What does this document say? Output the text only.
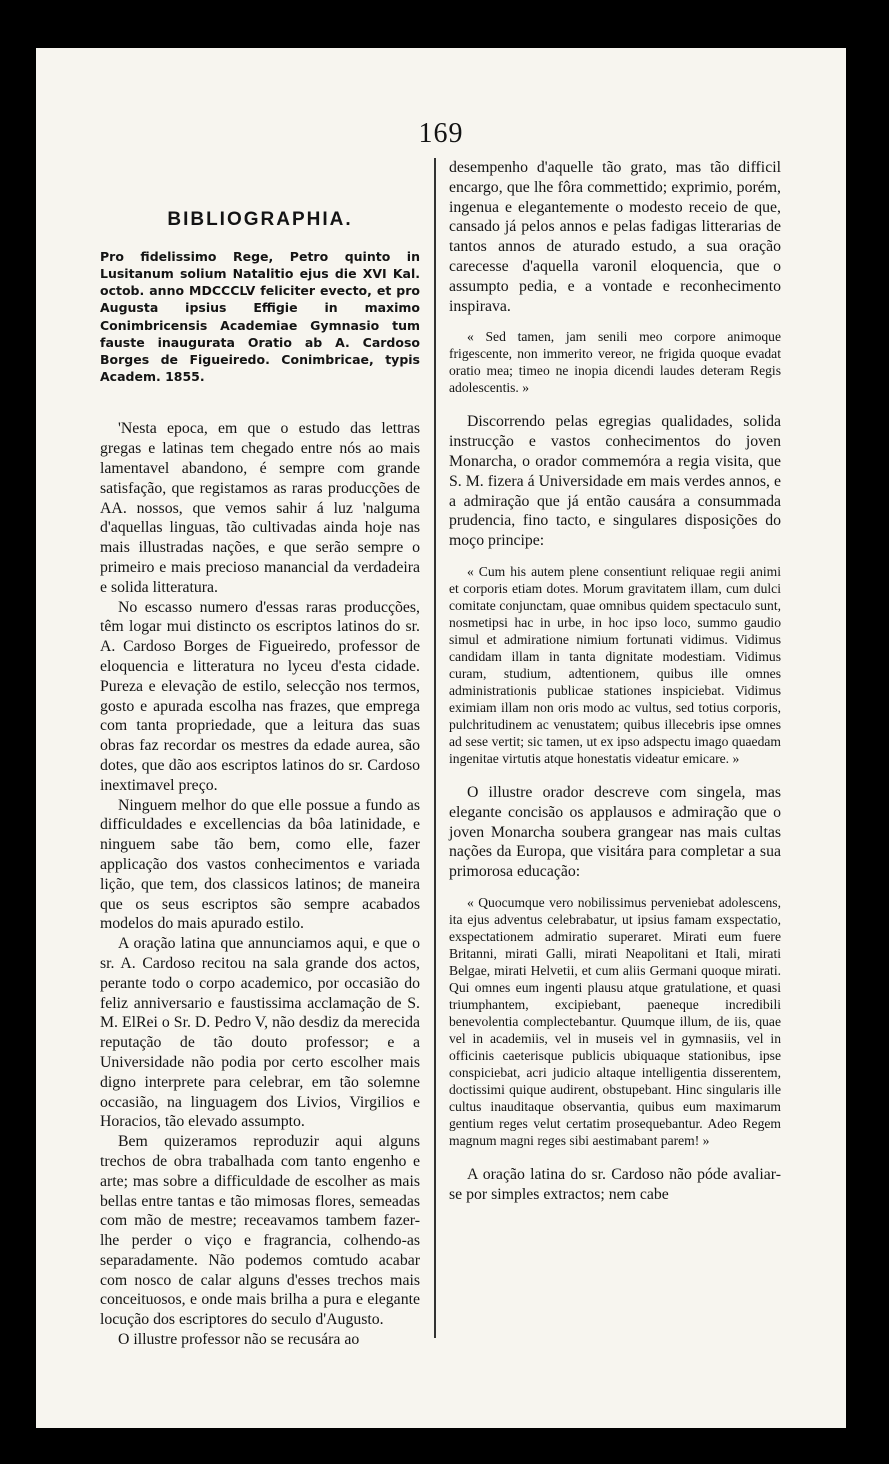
169
BIBLIOGRAPHIA.
Pro fidelissimo Rege, Petro quinto in Lusitanum solium Natalitio ejus die XVI Kal. octob. anno MDCCCLV feliciter evecto, et pro Augusta ipsius Effigie in maximo Conimbricensis Academiae Gymnasio tum fauste inaugurata Oratio ab A. Cardoso Borges de Figueiredo. Conimbricae, typis Academ. 1855.

'Nesta epoca, em que o estudo das lettras gregas e latinas tem chegado entre nós ao mais lamentavel abandono, é sempre com grande satisfação, que registamos as raras producções de AA. nossos, que vemos sahir á luz 'nalguma d'aquellas linguas, tão cultivadas ainda hoje nas mais illustradas nações, e que serão sempre o primeiro e mais precioso manancial da verdadeira e solida litteratura.

No escasso numero d'essas raras producções, têm logar mui distincto os escriptos latinos do sr. A. Cardoso Borges de Figueiredo, professor de eloquencia e litteratura no lyceu d'esta cidade. Pureza e elevação de estilo, selecção nos termos, gosto e apurada escolha nas frazes, que emprega com tanta propriedade, que a leitura das suas obras faz recordar os mestres da edade aurea, são dotes, que dão aos escriptos latinos do sr. Cardoso inextimavel preço.

Ninguem melhor do que elle possue a fundo as difficuldades e excellencias da bôa latinidade, e ninguem sabe tão bem, como elle, fazer applicação dos vastos conhecimentos e variada lição, que tem, dos classicos latinos; de maneira que os seus escriptos são sempre acabados modelos do mais apurado estilo.

A oração latina que annunciamos aqui, e que o sr. A. Cardoso recitou na sala grande dos actos, perante todo o corpo academico, por occasião do feliz anniversario e faustissima acclamação de S. M. ElRei o Sr. D. Pedro V, não desdiz da merecida reputação de tão douto professor; e a Universidade não podia por certo escolher mais digno interprete para celebrar, em tão solemne occasião, na linguagem dos Livios, Virgilios e Horacios, tão elevado assumpto.

Bem quizeramos reproduzir aqui alguns trechos de obra trabalhada com tanto engenho e arte; mas sobre a difficuldade de escolher as mais bellas entre tantas e tão mimosas flores, semeadas com mão de mestre; receavamos tambem fazer-lhe perder o viço e fragrancia, colhendo-as separadamente. Não podemos comtudo acabar com nosco de calar alguns d'esses trechos mais conceituosos, e onde mais brilha a pura e elegante locução dos escriptores do seculo d'Augusto.

O illustre professor não se recusára ao

desempenho d'aquelle tão grato, mas tão difficil encargo, que lhe fôra commettido; exprimio, porém, ingenua e elegantemente o modesto receio de que, cansado já pelos annos e pelas fadigas litterarias de tantos annos de aturado estudo, a sua oração carecesse d'aquella varonil eloquencia, que o assumpto pedia, e a vontade e reconhecimento inspirava.

« Sed tamen, jam senili meo corpore animoque frigescente, non immerito vereor, ne frigida quoque evadat oratio mea; timeo ne inopia dicendi laudes deteram Regis adolescentis. »

Discorrendo pelas egregias qualidades, solida instrucção e vastos conhecimentos do joven Monarcha, o orador commemóra a regia visita, que S. M. fizera á Universidade em mais verdes annos, e a admiração que já então causára a consummada prudencia, fino tacto, e singulares disposições do moço principe:

« Cum his autem plene consentiunt reliquae regii animi et corporis etiam dotes. Morum gravitatem illam, cum dulci comitate conjunctam, quae omnibus quidem spectaculo sunt, nosmetipsi hac in urbe, in hoc ipso loco, summo gaudio simul et admiratione nimium fortunati vidimus. Vidimus candidam illam in tanta dignitate modestiam. Vidimus curam, studium, adtentionem, quibus ille omnes administrationis publicae stationes inspiciebat. Vidimus eximiam illam non oris modo ac vultus, sed totius corporis, pulchritudinem ac venustatem; quibus illecebris ipse omnes ad sese vertit; sic tamen, ut ex ipso adspectu imago quaedam ingenitae virtutis atque honestatis videatur emicare. »

O illustre orador descreve com singela, mas elegante concisão os applausos e admiração que o joven Monarcha soubera grangear nas mais cultas nações da Europa, que visitára para completar a sua primorosa educação:

« Quocumque vero nobilissimus perveniebat adolescens, ita ejus adventus celebrabatur, ut ipsius famam exspectatio, exspectationem admiratio superaret. Mirati eum fuere Britanni, mirati Galli, mirati Neapolitani et Itali, mirati Belgae, mirati Helvetii, et cum aliis Germani quoque mirati. Qui omnes eum ingenti plausu atque gratulatione, et quasi triumphantem, excipiebant, paeneque incredibili benevolentia complectebantur. Quumque illum, de iis, quae vel in academiis, vel in museis vel in gymnasiis, vel in officinis caeterisque publicis ubiquaque stationibus, ipse conspiciebat, acri judicio altaque intelligentia disserentem, doctissimi quique audirent, obstupebant. Hinc singularis ille cultus inauditaque observantia, quibus eum maximarum gentium reges velut certatim prosequebantur. Adeo Regem magnum magni reges sibi aestimabant parem! »

A oração latina do sr. Cardoso não póde avaliar-se por simples extractos; nem cabe
